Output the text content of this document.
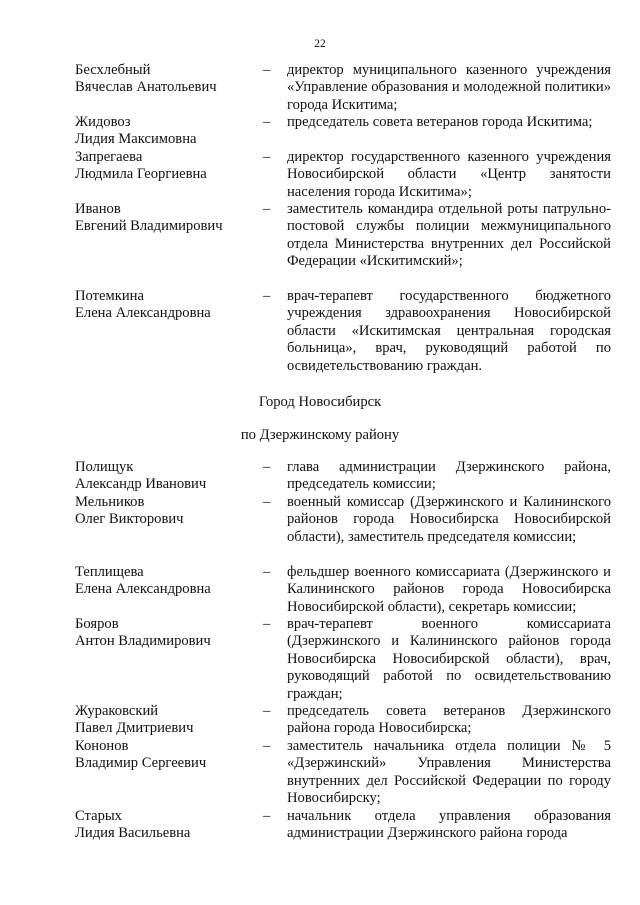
22
Бесхлебный
Вячеслав Анатольевич
–	директор муниципального казенного учреждения «Управление образования и молодежной политики» города Искитима;
Жидовоз
Лидия Максимовна
–	председатель совета ветеранов города Искитима;
Запрегаева
Людмила Георгиевна
–	директор государственного казенного учреждения Новосибирской области «Центр занятости населения города Искитима»;
Иванов
Евгений Владимирович
–	заместитель командира отдельной роты патрульно-постовой службы полиции межмуниципального отдела Министерства внутренних дел Российской Федерации «Искитимский»;
Потемкина
Елена Александровна
–	врач-терапевт государственного бюджетного учреждения здравоохранения Новосибирской области «Искитимская центральная городская больница», врач, руководящий работой по освидетельствованию граждан.
Город Новосибирск
по Дзержинскому району
Полищук
Александр Иванович
–	глава администрации Дзержинского района, председатель комиссии;
Мельников
Олег Викторович
–	военный комиссар (Дзержинского и Калининского районов города Новосибирска Новосибирской области), заместитель председателя комиссии;
Теплищева
Елена Александровна
–	фельдшер военного комиссариата (Дзержинского и Калининского районов города Новосибирска Новосибирской области), секретарь комиссии;
Бояров
Антон Владимирович
–	врач-терапевт военного комиссариата (Дзержинского и Калининского районов города Новосибирска Новосибирской области), врач, руководящий работой по освидетельствованию граждан;
Журaковский
Павел Дмитриевич
–	председатель совета ветеранов Дзержинского района города Новосибирска;
Кононов
Владимир Сергеевич
–	заместитель начальника отдела полиции № 5 «Дзержинский» Управления Министерства внутренних дел Российской Федерации по городу Новосибирску;
Старых
Лидия Васильевна
–	начальник отдела управления образования администрации Дзержинского района города
